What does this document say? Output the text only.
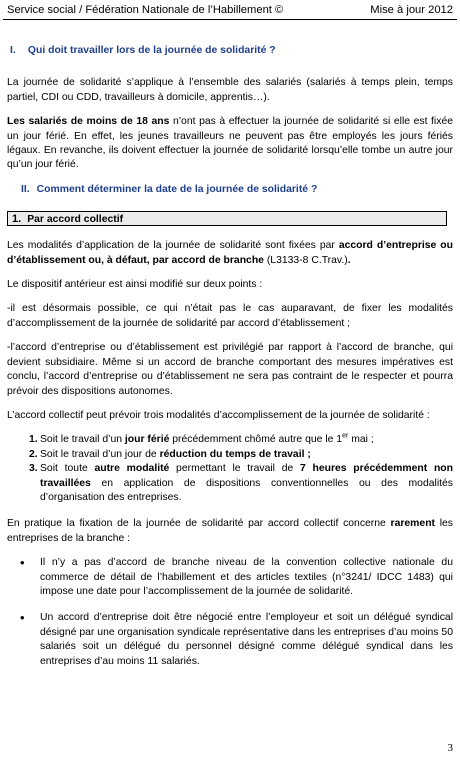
Service social / Fédération Nationale de l’Habillement ©	Mise à jour 2012
I. Qui doit travailler lors de la journée de solidarité ?

La journée de solidarité s’applique à l’ensemble des salariés (salariés à temps plein, temps partiel, CDI ou CDD, travailleurs à domicile, apprentis…).

Les salariés de moins de 18 ans n’ont pas à effectuer la journée de solidarité si elle est fixée un jour férié. En effet, les jeunes travailleurs ne peuvent pas être employés les jours fériés légaux. En revanche, ils doivent effectuer la journée de solidarité lorsqu’elle tombe un autre jour qu’un jour férié.

II. Comment déterminer la date de la journée de solidarité ?
1. Par accord collectif

Les modalités d’application de la journée de solidarité sont fixées par accord d’entreprise ou d’établissement ou, à défaut, par accord de branche (L3133-8 C.Trav.).

Le dispositif antérieur est ainsi modifié sur deux points :

-il est désormais possible, ce qui n’était pas le cas auparavant, de fixer les modalités d’accomplissement de la journée de solidarité par accord d’établissement ;

-l’accord d’entreprise ou d’établissement est privilégié par rapport à l’accord de branche, qui devient subsidiaire. Même si un accord de branche comportant des mesures impératives est conclu, l’accord d’entreprise ou d’établissement ne sera pas contraint de le respecter et pourra prévoir des dispositions autonomes.

L’accord collectif peut prévoir trois modalités d’accomplissement de la journée de solidarité :

1. Soit le travail d’un jour férié précédemment chômé autre que le 1er mai ;
2. Soit le travail d’un jour de réduction du temps de travail ;
3. Soit toute autre modalité permettant le travail de 7 heures précédemment non travaillées en application de dispositions conventionnelles ou des modalités d’organisation des entreprises.

En pratique la fixation de la journée de solidarité par accord collectif concerne rarement les entreprises de la branche :

• Il n’y a pas d’accord de branche niveau de la convention collective nationale du commerce de détail de l’habillement et des articles textiles (n°3241/ IDCC 1483) qui impose une date pour l’accomplissement de la journée de solidarité.
• Un accord d’entreprise doit être négocié entre l’employeur et soit un délégué syndical désigné par une organisation syndicale représentative dans les entreprises d’au moins 50 salariés soit un délégué du personnel désigné comme délégué syndical dans les entreprises d’au moins 11 salariés.
3
